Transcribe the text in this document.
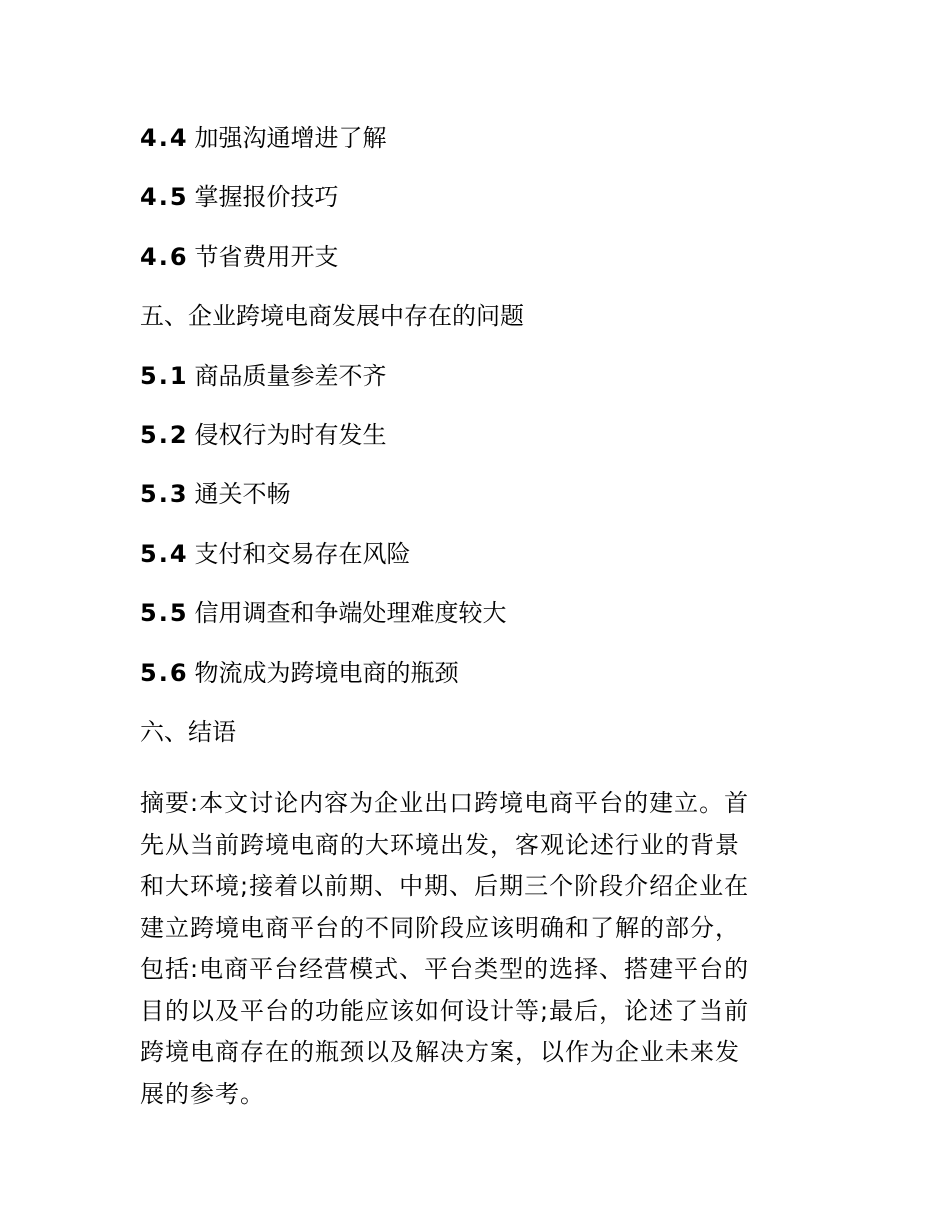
4.4 加强沟通增进了解
4.5 掌握报价技巧
4.6 节省费用开支
五、企业跨境电商发展中存在的问题
5.1 商品质量参差不齐
5.2 侵权行为时有发生
5.3 通关不畅
5.4 支付和交易存在风险
5.5 信用调查和争端处理难度较大
5.6 物流成为跨境电商的瓶颈
六、结语
摘要:本文讨论内容为企业出口跨境电商平台的建立。首
先从当前跨境电商的大环境出发，客观论述行业的背景
和大环境;接着以前期、中期、后期三个阶段介绍企业在
建立跨境电商平台的不同阶段应该明确和了解的部分，
包括:电商平台经营模式、平台类型的选择、搭建平台的
目的以及平台的功能应该如何设计等;最后，论述了当前
跨境电商存在的瓶颈以及解决方案，以作为企业未来发
展的参考。
